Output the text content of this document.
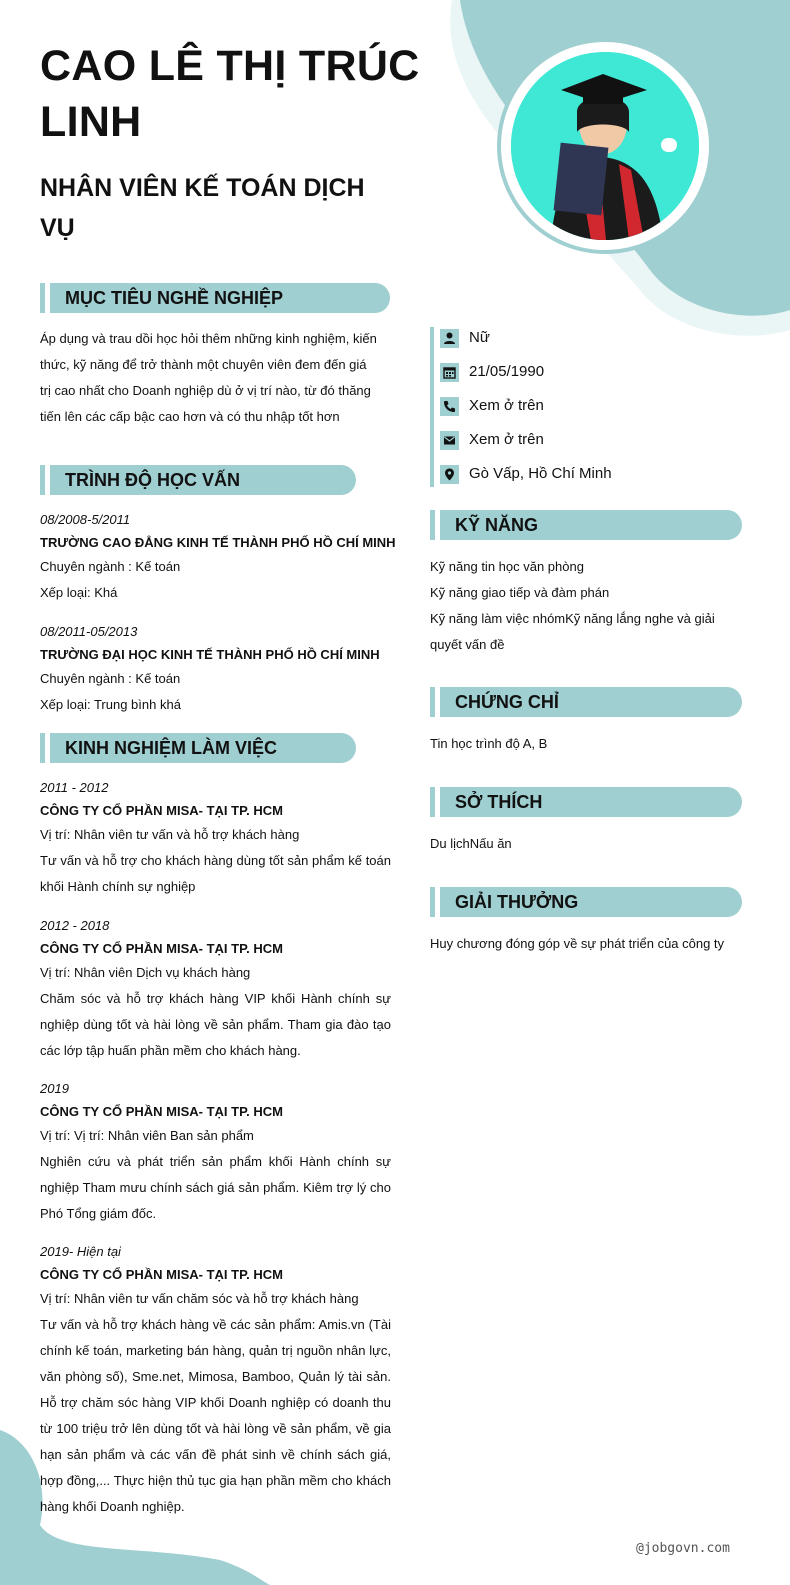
CAO LÊ THỊ TRÚC LINH
NHÂN VIÊN KẾ TOÁN DỊCH VỤ
MỤC TIÊU NGHỀ NGHIỆP
Áp dụng và trau dồi học hỏi thêm những kinh nghiệm, kiến thức, kỹ năng để trở thành một chuyên viên đem đến giá trị cao nhất cho Doanh nghiệp dù ở vị trí nào, từ đó thăng tiến lên các cấp bậc cao hơn và có thu nhập tốt hơn
TRÌNH ĐỘ HỌC VẤN
08/2008-5/2011
TRƯỜNG CAO ĐẲNG KINH TẾ THÀNH PHỐ HỒ CHÍ MINH
Chuyên ngành : Kế toán
Xếp loại: Khá
08/2011-05/2013
TRƯỜNG ĐẠI HỌC KINH TẾ THÀNH PHỐ HỒ CHÍ MINH
Chuyên ngành : Kế toán
Xếp loại: Trung bình khá
KINH NGHIỆM LÀM VIỆC
2011 - 2012
CÔNG TY CỔ PHẦN MISA- TẠI TP. HCM
Vị trí: Nhân viên tư vấn và hỗ trợ khách hàng
Tư vấn và hỗ trợ cho khách hàng dùng tốt sản phẩm kế toán khối Hành chính sự nghiệp
2012 - 2018
CÔNG TY CỔ PHẦN MISA- TẠI TP. HCM
Vị trí: Nhân viên Dịch vụ khách hàng
Chăm sóc và hỗ trợ khách hàng VIP khối Hành chính sự nghiệp dùng tốt và hài lòng về sản phẩm. Tham gia đào tạo các lớp tập huấn phần mềm cho khách hàng.
2019
CÔNG TY CỔ PHẦN MISA- TẠI TP. HCM
Vị trí: Vị trí: Nhân viên Ban sản phẩm
Nghiên cứu và phát triển sản phẩm khối Hành chính sự nghiệp Tham mưu chính sách giá sản phẩm. Kiêm trợ lý cho Phó Tổng giám đốc.
2019- Hiện tại
CÔNG TY CỔ PHẦN MISA- TẠI TP. HCM
Vị trí: Nhân viên tư vấn chăm sóc và hỗ trợ khách hàng
Tư vấn và hỗ trợ khách hàng về các sản phẩm: Amis.vn (Tài chính kế toán, marketing bán hàng, quản trị nguồn nhân lực, văn phòng số), Sme.net, Mimosa, Bamboo, Quản lý tài sản. Hỗ trợ chăm sóc hàng VIP khối Doanh nghiệp có doanh thu từ 100 triệu trở lên dùng tốt và hài lòng về sản phẩm, về gia hạn sản phẩm và các vấn đề phát sinh về chính sách giá, hợp đồng,... Thực hiện thủ tục gia hạn phần mềm cho khách hàng khối Doanh nghiệp.
Nữ
21/05/1990
Xem ở trên
Xem ở trên
Gò Vấp, Hồ Chí Minh
KỸ NĂNG
Kỹ năng tin học văn phòng
Kỹ năng giao tiếp và đàm phán
Kỹ năng làm việc nhómKỹ năng lắng nghe và giải quyết vấn đề
CHỨNG CHỈ
Tin học trình độ A, B
SỞ THÍCH
Du lịchNấu ăn
GIẢI THƯỞNG
Huy chương đóng góp về sự phát triển của công ty
@jobgovn.com
